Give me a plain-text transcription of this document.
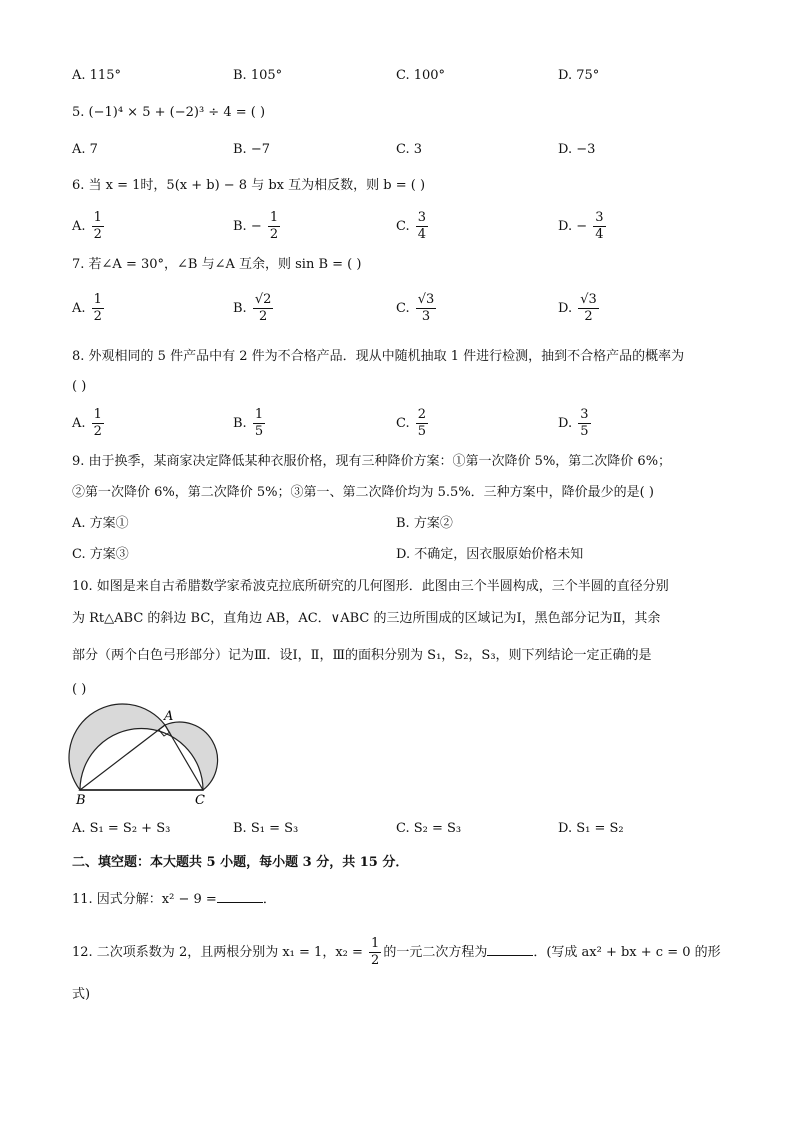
A. 115°	B. 105°	C. 100°	D. 75°
5. (−1)⁴ × 5 + (−2)³ ÷ 4 = ( )
A. 7	B. −7	C. 3	D. −3
6. 当 x = 1时，5(x + b) − 8 与 bx 互为相反数，则 b = ( )
A. $\frac{1}{2}$	B. − $\frac{1}{2}$	C. $\frac{3}{4}$	D. − $\frac{3}{4}$
7. 若∠A = 30°，∠B 与∠A 互余，则 sin B = ( )
A. $\frac{1}{2}$	B. $\frac{√2}{2}$	C. $\frac{√3}{3}$	D. $\frac{√3}{2}$
8. 外观相同的 5 件产品中有 2 件为不合格产品．现从中随机抽取 1 件进行检测，抽到不合格产品的概率为
( )
A. $\frac{1}{2}$	B. $\frac{1}{5}$	C. $\frac{2}{5}$	D. $\frac{3}{5}$
9. 由于换季，某商家决定降低某种衣服价格，现有三种降价方案：①第一次降价 5%，第二次降价 6%；
②第一次降价 6%，第二次降价 5%；③第一、第二次降价均为 5.5%．三种方案中，降价最少的是( )
A. 方案①	B. 方案②
C. 方案③	D. 不确定，因衣服原始价格未知
10. 如图是来自古希腊数学家希波克拉底所研究的几何图形．此图由三个半圆构成，三个半圆的直径分别
为 Rt△ABC 的斜边 BC，直角边 AB，AC．∨ABC 的三边所围成的区域记为Ⅰ，黑色部分记为Ⅱ，其余
部分（两个白色弓形部分）记为Ⅲ．设Ⅰ，Ⅱ，Ⅲ的面积分别为 S₁，S₂，S₃，则下列结论一定正确的是
( )
A
B	C
A. S₁ = S₂ + S₃	B. S₁ = S₃	C. S₂ = S₃	D. S₁ = S₂
二、填空题：本大题共 5 小题，每小题 3 分，共 15 分．
11. 因式分解：x² − 9 =	．
12. 二次项系数为 2，且两根分别为 x₁ = 1，$x_2 = \frac{1}{2}$ 的一元二次方程为	．(写成 ax² + bx + c = 0 的形
式)
